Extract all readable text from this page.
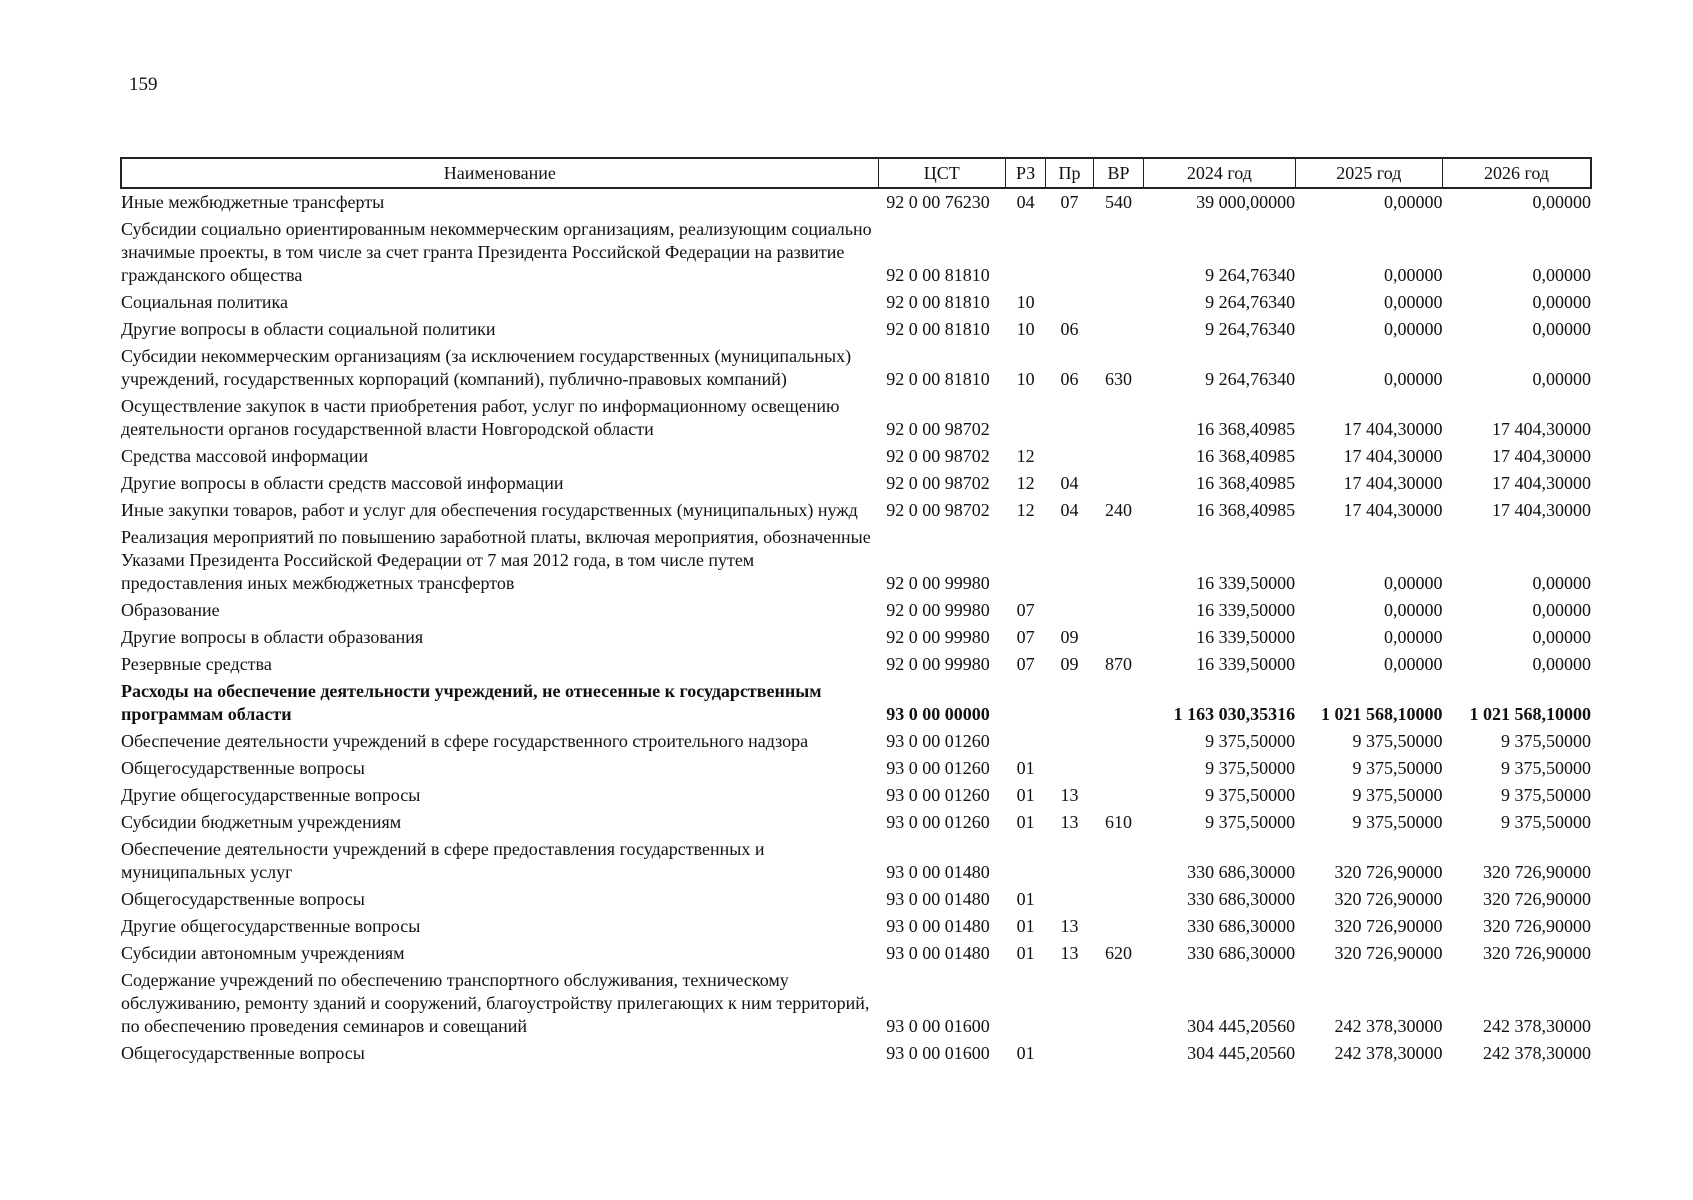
159
Наименование	ЦСТ	РЗ	Пр	ВР	2024 год	2025 год	2026 год
Иные межбюджетные трансферты	92 0 00 76230	04	07	540	39 000,00000	0,00000	0,00000
Субсидии социально ориентированным некоммерческим организациям, реализующим социально значимые проекты, в том числе за счет гранта Президента Российской Федерации на развитие гражданского общества	92 0 00 81810				9 264,76340	0,00000	0,00000
Социальная политика	92 0 00 81810	10			9 264,76340	0,00000	0,00000
Другие вопросы в области социальной политики	92 0 00 81810	10	06		9 264,76340	0,00000	0,00000
Субсидии некоммерческим организациям (за исключением государственных (муниципальных) учреждений, государственных корпораций (компаний), публично-правовых компаний)	92 0 00 81810	10	06	630	9 264,76340	0,00000	0,00000
Осуществление закупок в части приобретения работ, услуг по информационному освещению деятельности органов государственной власти Новгородской области	92 0 00 98702				16 368,40985	17 404,30000	17 404,30000
Средства массовой информации	92 0 00 98702	12			16 368,40985	17 404,30000	17 404,30000
Другие вопросы в области средств массовой информации	92 0 00 98702	12	04		16 368,40985	17 404,30000	17 404,30000
Иные закупки товаров, работ и услуг для обеспечения государственных (муниципальных) нужд	92 0 00 98702	12	04	240	16 368,40985	17 404,30000	17 404,30000
Реализация мероприятий по повышению заработной платы, включая мероприятия, обозначенные Указами Президента Российской Федерации от 7 мая 2012 года, в том числе путем предоставления иных межбюджетных трансфертов	92 0 00 99980				16 339,50000	0,00000	0,00000
Образование	92 0 00 99980	07			16 339,50000	0,00000	0,00000
Другие вопросы в области образования	92 0 00 99980	07	09		16 339,50000	0,00000	0,00000
Резервные средства	92 0 00 99980	07	09	870	16 339,50000	0,00000	0,00000
Расходы на обеспечение деятельности учреждений, не отнесенные к государственным программам области	93 0 00 00000				1 163 030,35316	1 021 568,10000	1 021 568,10000
Обеспечение деятельности учреждений в сфере государственного строительного надзора	93 0 00 01260				9 375,50000	9 375,50000	9 375,50000
Общегосударственные вопросы	93 0 00 01260	01			9 375,50000	9 375,50000	9 375,50000
Другие общегосударственные вопросы	93 0 00 01260	01	13		9 375,50000	9 375,50000	9 375,50000
Субсидии бюджетным учреждениям	93 0 00 01260	01	13	610	9 375,50000	9 375,50000	9 375,50000
Обеспечение деятельности учреждений в сфере предоставления государственных и муниципальных услуг	93 0 00 01480				330 686,30000	320 726,90000	320 726,90000
Общегосударственные вопросы	93 0 00 01480	01			330 686,30000	320 726,90000	320 726,90000
Другие общегосударственные вопросы	93 0 00 01480	01	13		330 686,30000	320 726,90000	320 726,90000
Субсидии автономным учреждениям	93 0 00 01480	01	13	620	330 686,30000	320 726,90000	320 726,90000
Содержание учреждений по обеспечению транспортного обслуживания, техническому обслуживанию, ремонту зданий и сооружений, благоустройству прилегающих к ним территорий, по обеспечению проведения семинаров и совещаний	93 0 00 01600				304 445,20560	242 378,30000	242 378,30000
Общегосударственные вопросы	93 0 00 01600	01			304 445,20560	242 378,30000	242 378,30000
